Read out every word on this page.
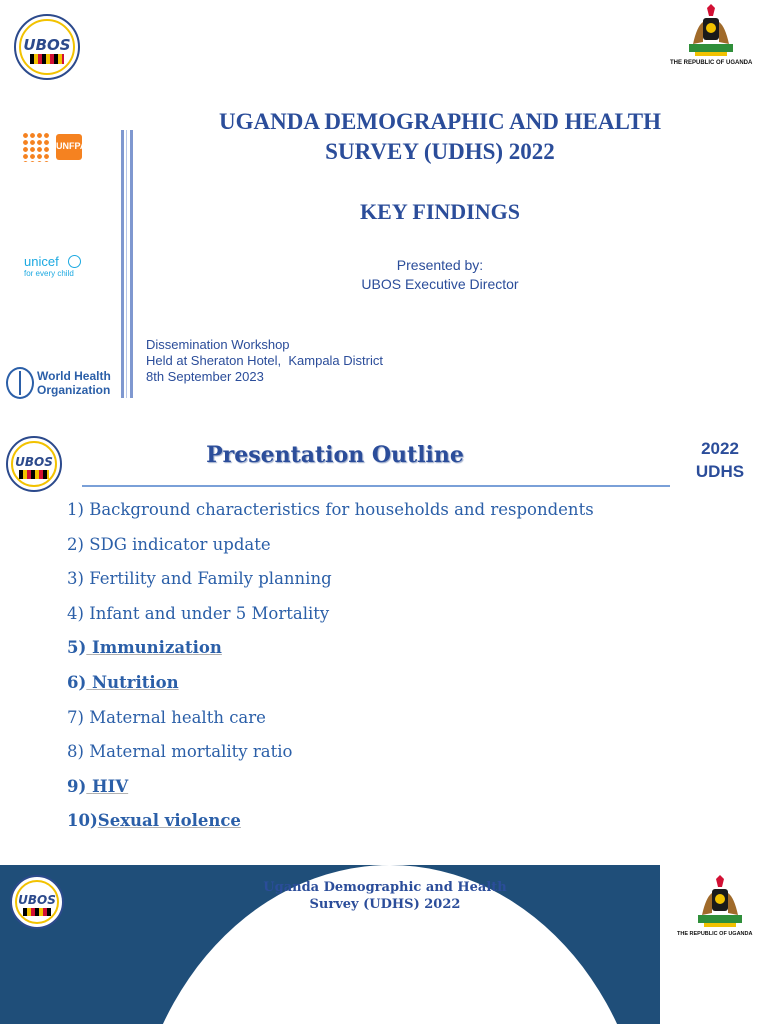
UBOS
THE REPUBLIC OF UGANDA
UGANDA DEMOGRAPHIC AND HEALTH
SURVEY (UDHS) 2022
KEY FINDINGS
Presented by:
UBOS Executive Director
Dissemination Workshop
Held at Sheraton Hotel,  Kampala District
8th September 2023
UNFPA
unicef
for every child
World Health
Organization
UBOS	Presentation Outline	2022
UDHS
1) Background characteristics for households and respondents
2) SDG indicator update
3) Fertility and Family planning
4) Infant and under 5 Mortality
5) Immunization
6) Nutrition
7) Maternal health care
8) Maternal mortality ratio
9) HIV
10)Sexual violence
UBOS
Uganda Demographic and Health
Survey (UDHS) 2022
THE REPUBLIC OF UGANDA
